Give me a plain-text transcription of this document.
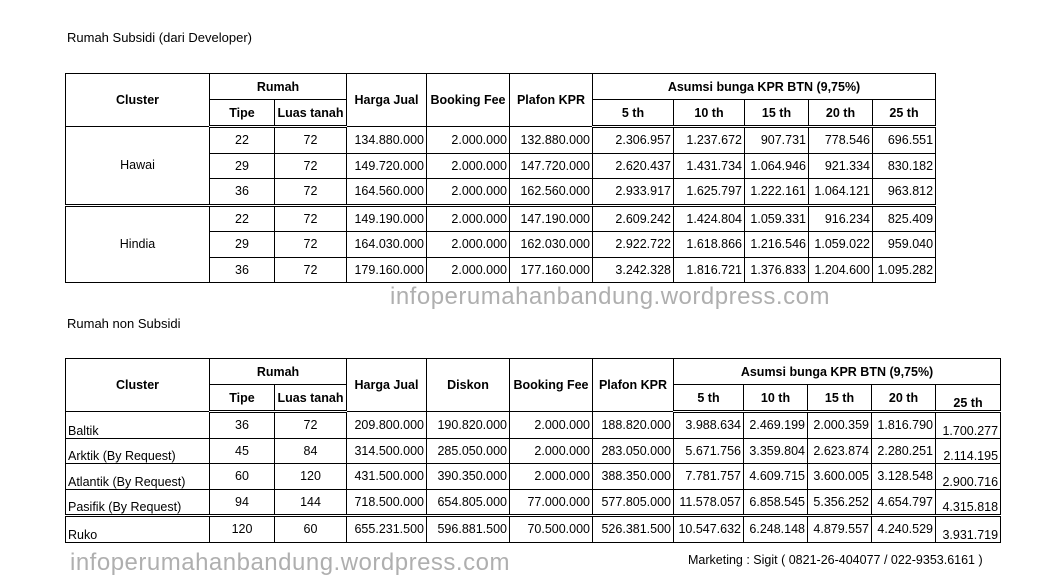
Rumah Subsidi (dari Developer)
Cluster	Rumah		Harga Jual	Booking Fee	Plafon KPR	Asumsi bunga KPR BTN (9,75%)				
	Tipe	Luas tanah				5 th	10 th	15 th	20 th	25 th
Hawai	22	72	134.880.000	2.000.000	132.880.000	2.306.957	1.237.672	907.731	778.546	696.551
	29	72	149.720.000	2.000.000	147.720.000	2.620.437	1.431.734	1.064.946	921.334	830.182
	36	72	164.560.000	2.000.000	162.560.000	2.933.917	1.625.797	1.222.161	1.064.121	963.812
Hindia	22	72	149.190.000	2.000.000	147.190.000	2.609.242	1.424.804	1.059.331	916.234	825.409
	29	72	164.030.000	2.000.000	162.030.000	2.922.722	1.618.866	1.216.546	1.059.022	959.040
	36	72	179.160.000	2.000.000	177.160.000	3.242.328	1.816.721	1.376.833	1.204.600	1.095.282
infoperumahanbandung.wordpress.com
Rumah non Subsidi
Cluster	Rumah		Harga Jual	Diskon	Booking Fee	Plafon KPR	Asumsi bunga KPR BTN (9,75%)				
	Tipe	Luas tanah					5 th	10 th	15 th	20 th	25 th
Baltik	36	72	209.800.000	190.820.000	2.000.000	188.820.000	3.988.634	2.469.199	2.000.359	1.816.790	1.700.277
Arktik (By Request)	45	84	314.500.000	285.050.000	2.000.000	283.050.000	5.671.756	3.359.804	2.623.874	2.280.251	2.114.195
Atlantik (By Request)	60	120	431.500.000	390.350.000	2.000.000	388.350.000	7.781.757	4.609.715	3.600.005	3.128.548	2.900.716
Pasifik (By Request)	94	144	718.500.000	654.805.000	77.000.000	577.805.000	11.578.057	6.858.545	5.356.252	4.654.797	4.315.818
Ruko	120	60	655.231.500	596.881.500	70.500.000	526.381.500	10.547.632	6.248.148	4.879.557	4.240.529	3.931.719
infoperumahanbandung.wordpress.com	Marketing : Sigit ( 0821-26-404077 / 022-9353.6161 )
